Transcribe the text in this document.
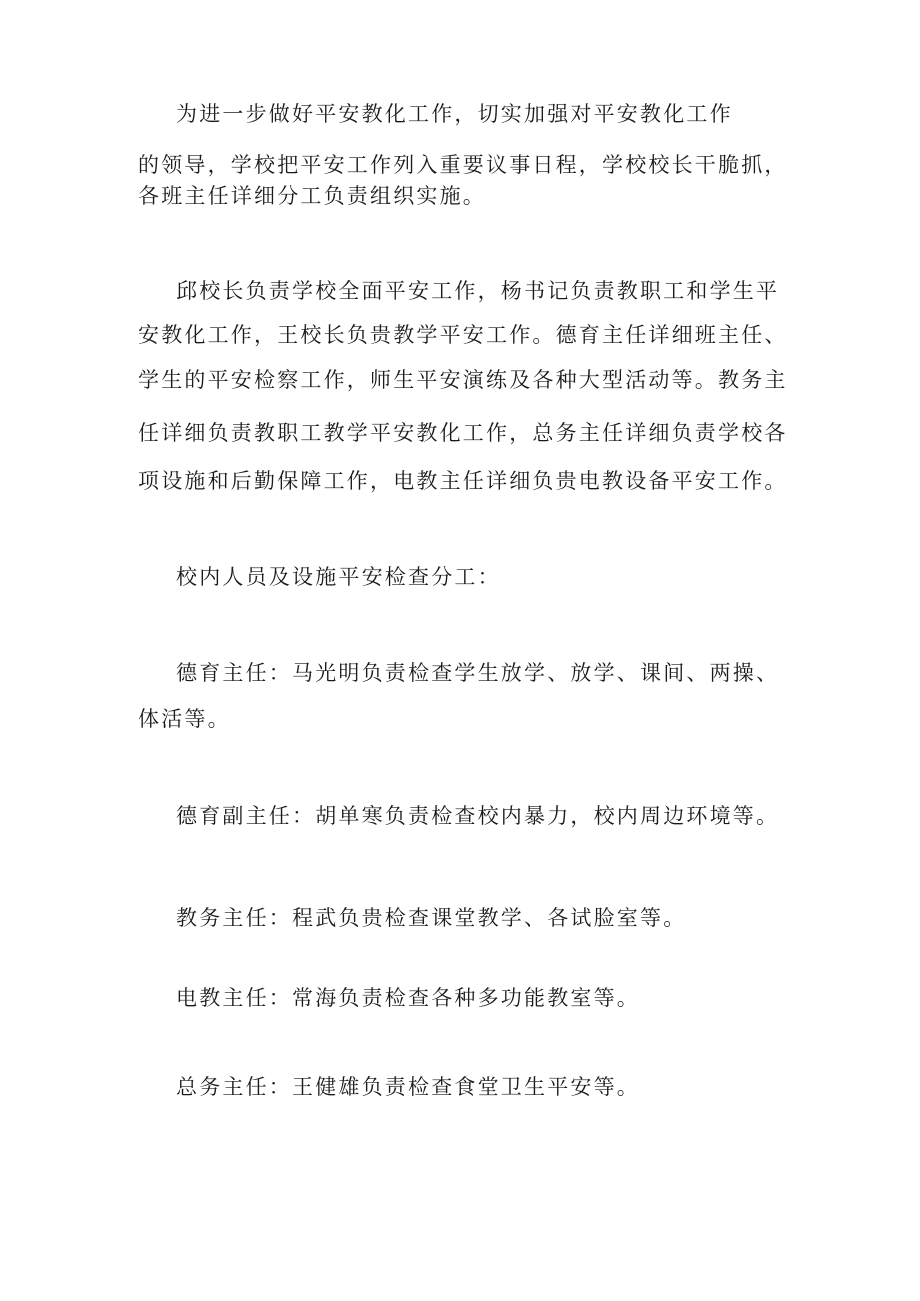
为进一步做好平安教化工作，切实加强对平安教化工作
的领导，学校把平安工作列入重要议事日程，学校校长干脆抓，
各班主任详细分工负责组织实施。
邱校长负责学校全面平安工作，杨书记负责教职工和学生平
安教化工作，王校长负贵教学平安工作。德育主任详细班主任、
学生的平安检察工作，师生平安演练及各种大型活动等。教务主
任详细负责教职工教学平安教化工作，总务主任详细负责学校各
项设施和后勤保障工作，电教主任详细负贵电教设备平安工作。
校内人员及设施平安检查分工：
德育主任：马光明负责检查学生放学、放学、课间、两操、
体活等。
德育副主任：胡单寒负责检查校内暴力，校内周边环境等。
教务主任：程武负贵检查课堂教学、各试脸室等。
电教主任：常海负责检查各种多功能教室等。
总务主任：王健雄负责检查食堂卫生平安等。
